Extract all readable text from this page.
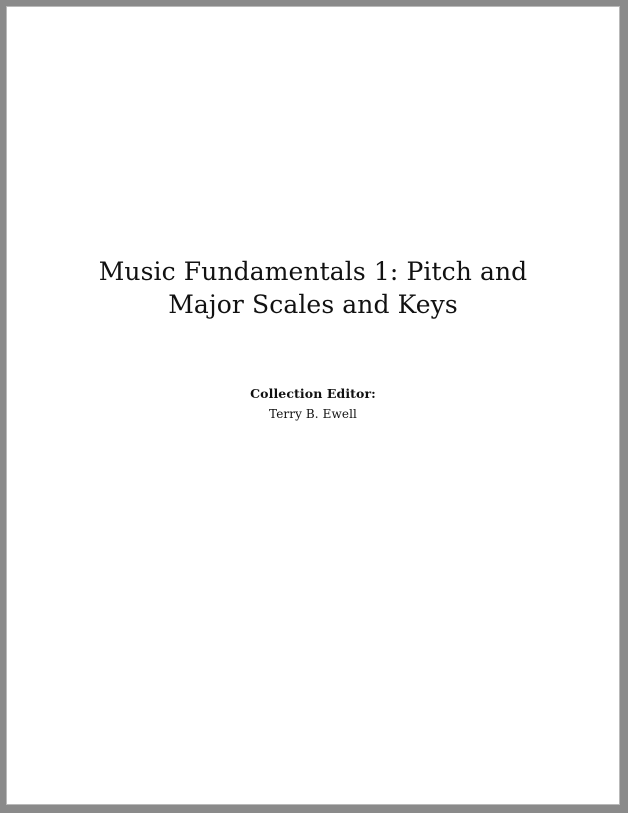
Music Fundamentals 1: Pitch and Major Scales and Keys

Collection Editor:

Terry B. Ewell
